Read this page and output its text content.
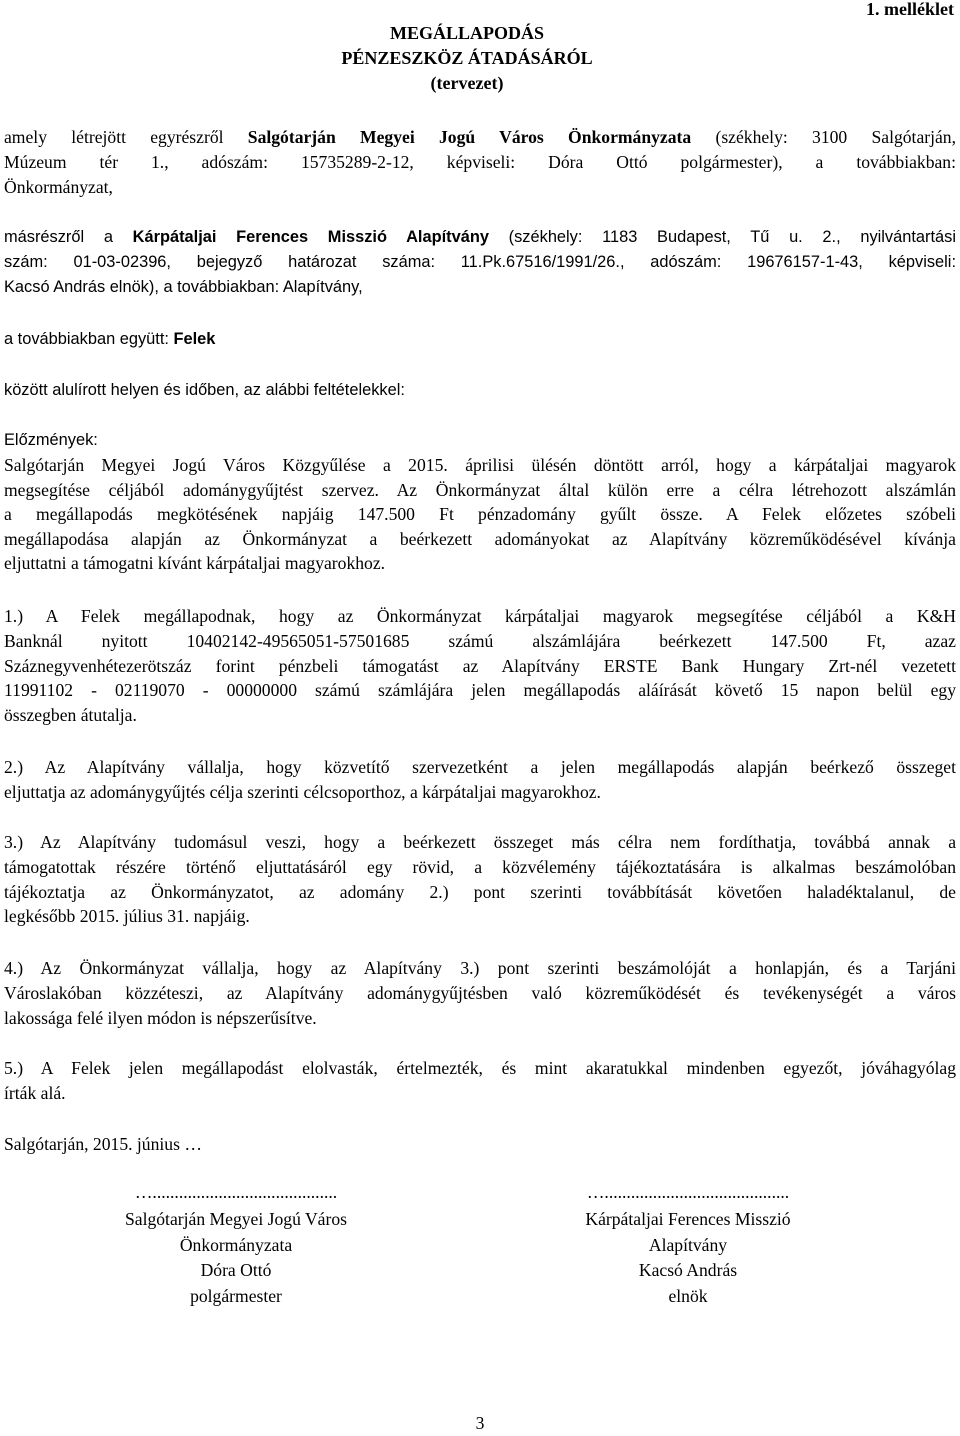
1. melléklet
MEGÁLLAPODÁS
PÉNZESZKÖZ ÁTADÁSÁRÓL
(tervezet)
amely létrejött egyrészről Salgótarján Megyei Jogú Város Önkormányzata (székhely: 3100 Salgótarján,
Múzeum tér 1., adószám: 15735289-2-12, képviseli: Dóra Ottó polgármester), a továbbiakban:
Önkormányzat,
másrészről a Kárpátaljai Ferences Misszió Alapítvány (székhely: 1183 Budapest, Tű u. 2., nyilvántartási
szám: 01-03-02396, bejegyző határozat száma: 11.Pk.67516/1991/26., adószám: 19676157-1-43, képviseli:
Kacsó András elnök), a továbbiakban: Alapítvány,
a továbbiakban együtt: Felek
között alulírott helyen és időben, az alábbi feltételekkel:
Előzmények:
Salgótarján Megyei Jogú Város Közgyűlése a 2015. áprilisi ülésén döntött arról, hogy a kárpátaljai magyarok
megsegítése céljából adománygyűjtést szervez. Az Önkormányzat által külön erre a célra létrehozott alszámlán
a megállapodás megkötésének napjáig 147.500 Ft pénzadomány gyűlt össze. A Felek előzetes szóbeli
megállapodása alapján az Önkormányzat a beérkezett adományokat az Alapítvány közreműködésével kívánja
eljuttatni a támogatni kívánt kárpátaljai magyarokhoz.
1.) A Felek megállapodnak, hogy az Önkormányzat kárpátaljai magyarok megsegítése céljából a K&H
Banknál nyitott 10402142-49565051-57501685 számú alszámlájára beérkezett 147.500 Ft, azaz
Száznegyvenhétezerötszáz forint pénzbeli támogatást az Alapítvány ERSTE Bank Hungary Zrt-nél vezetett
11991102 - 02119070 - 00000000 számú számlájára jelen megállapodás aláírását követő 15 napon belül egy
összegben átutalja.
2.) Az Alapítvány vállalja, hogy közvetítő szervezetként a jelen megállapodás alapján beérkező összeget
eljuttatja az adománygyűjtés célja szerinti célcsoporthoz, a kárpátaljai magyarokhoz.
3.) Az Alapítvány tudomásul veszi, hogy a beérkezett összeget más célra nem fordíthatja, továbbá annak a
támogatottak részére történő eljuttatásáról egy rövid, a közvélemény tájékoztatására is alkalmas beszámolóban
tájékoztatja az Önkormányzatot, az adomány 2.) pont szerinti továbbítását követően haladéktalanul, de
legkésőbb 2015. július 31. napjáig.
4.) Az Önkormányzat vállalja, hogy az Alapítvány 3.) pont szerinti beszámolóját a honlapján, és a Tarjáni
Városlakóban közzéteszi, az Alapítvány adománygyűjtésben való közreműködését és tevékenységét a város
lakossága felé ilyen módon is népszerűsítve.
5.) A Felek jelen megállapodást elolvasták, értelmezték, és mint akaratukkal mindenben egyezőt, jóváhagyólag
írták alá.
Salgótarján, 2015. június …
…..........................................
Salgótarján Megyei Jogú Város
Önkormányzata
Dóra Ottó
polgármester
…..........................................
Kárpátaljai Ferences Misszió
Alapítvány
Kacsó András
elnök
3
